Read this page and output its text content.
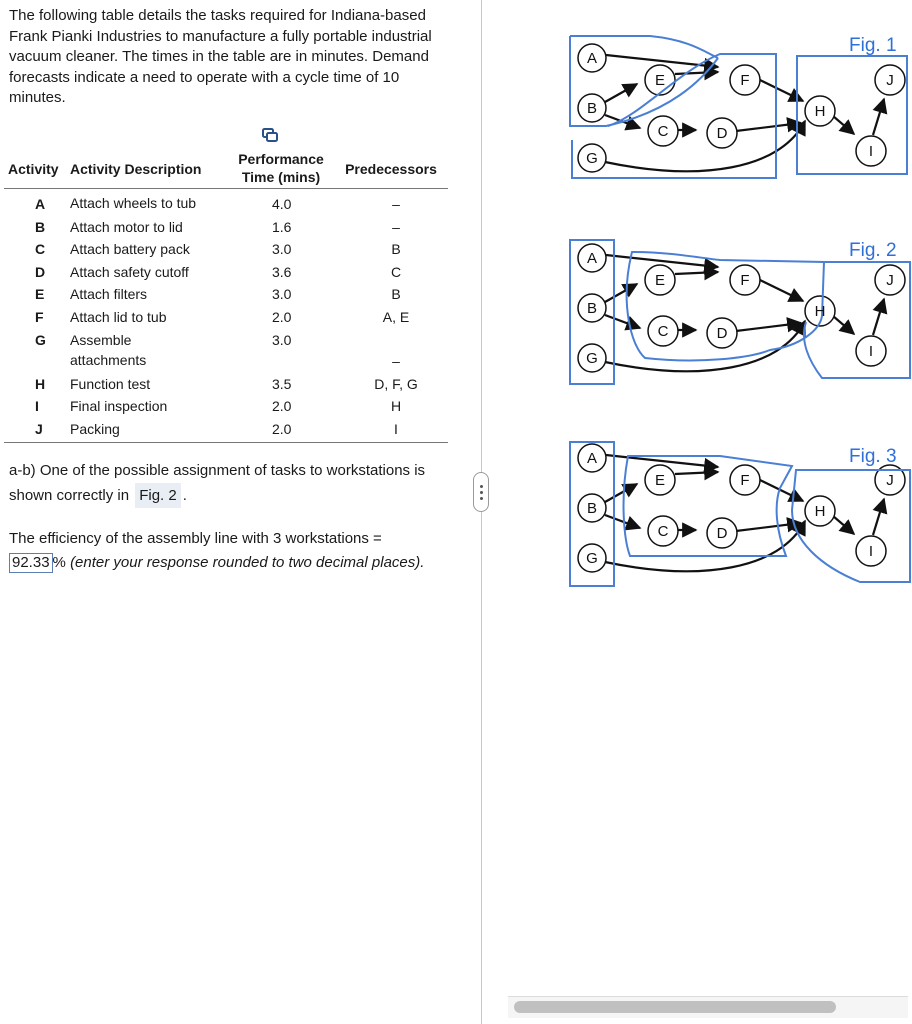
The following table details the tasks required for Indiana-based Frank Pianki Industries to manufacture a fully portable industrial vacuum cleaner. The times in the table are in minutes. Demand forecasts indicate a need to operate with a cycle time of 10 minutes.
Activity	Activity Description	Performance Time (mins)	Predecessors
A	Attach wheels to tub	4.0	–
B	Attach motor to lid	1.6	–
C	Attach battery pack	3.0	B
D	Attach safety cutoff	3.6	C
E	Attach filters	3.0	B
F	Attach lid to tub	2.0	A, E
G	Assemble attachments	3.0	–
H	Function test	3.5	D, F, G
I	Final inspection	2.0	H
J	Packing	2.0	I
a-b) One of the possible assignment of tasks to workstations is shown correctly in Fig. 2 .
The efficiency of the assembly line with 3 workstations =
92.33 % (enter your response rounded to two decimal places).
Fig. 1
Fig. 2
Fig. 3
A
B
G
E
C
F
D
H
J
I
A
B
G
E
C
F
D
H
J
I
A
B
G
E
C
F
D
H
J
I
